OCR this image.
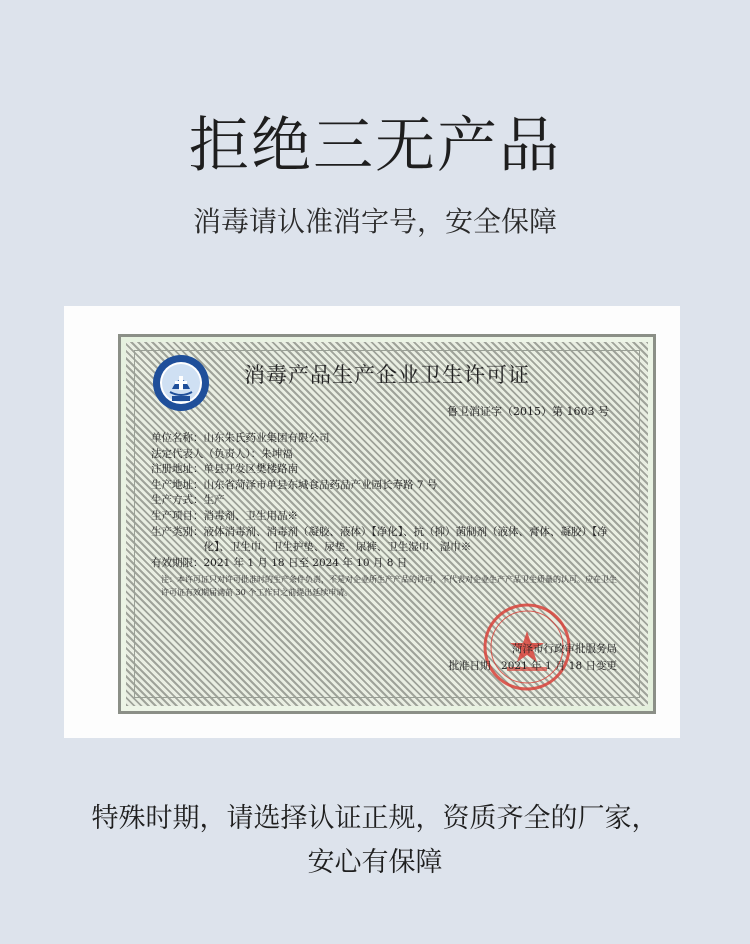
拒绝三无产品
消毒请认准消字号，安全保障
消毒产品生产企业卫生许可证
鲁卫消证字（2015）第 1603 号
单位名称： 山东朱氏药业集团有限公司
法定代表人（负责人）： 朱坤福
注册地址： 单县开发区樊楼路南
生产地址： 山东省菏泽市单县东城食品药品产业园长寿路 7 号
生产方式： 生产
生产项目： 消毒剂、卫生用品※
生产类别： 液体消毒剂、消毒剂（凝胶、液体）【净化】、抗（抑）菌制剂（液体、膏体、凝胶）【净化】、卫生巾、卫生护垫、尿垫、尿裤、卫生湿巾、湿巾※
有效期限： 2021 年 1 月 18 日至 2024 年 10 月 8 日
注：本许可证只对许可批准时的生产条件负责，不是对企业所生产产品的许可，不代表对企业生产产品卫生质量的认可。应在卫生许可证有效期届满前 30 个工作日之前提出延续申请。
菏泽市行政审批服务局
批准日期　2021 年 1 月 18 日变更
特殊时期，请选择认证正规，资质齐全的厂家，
安心有保障
